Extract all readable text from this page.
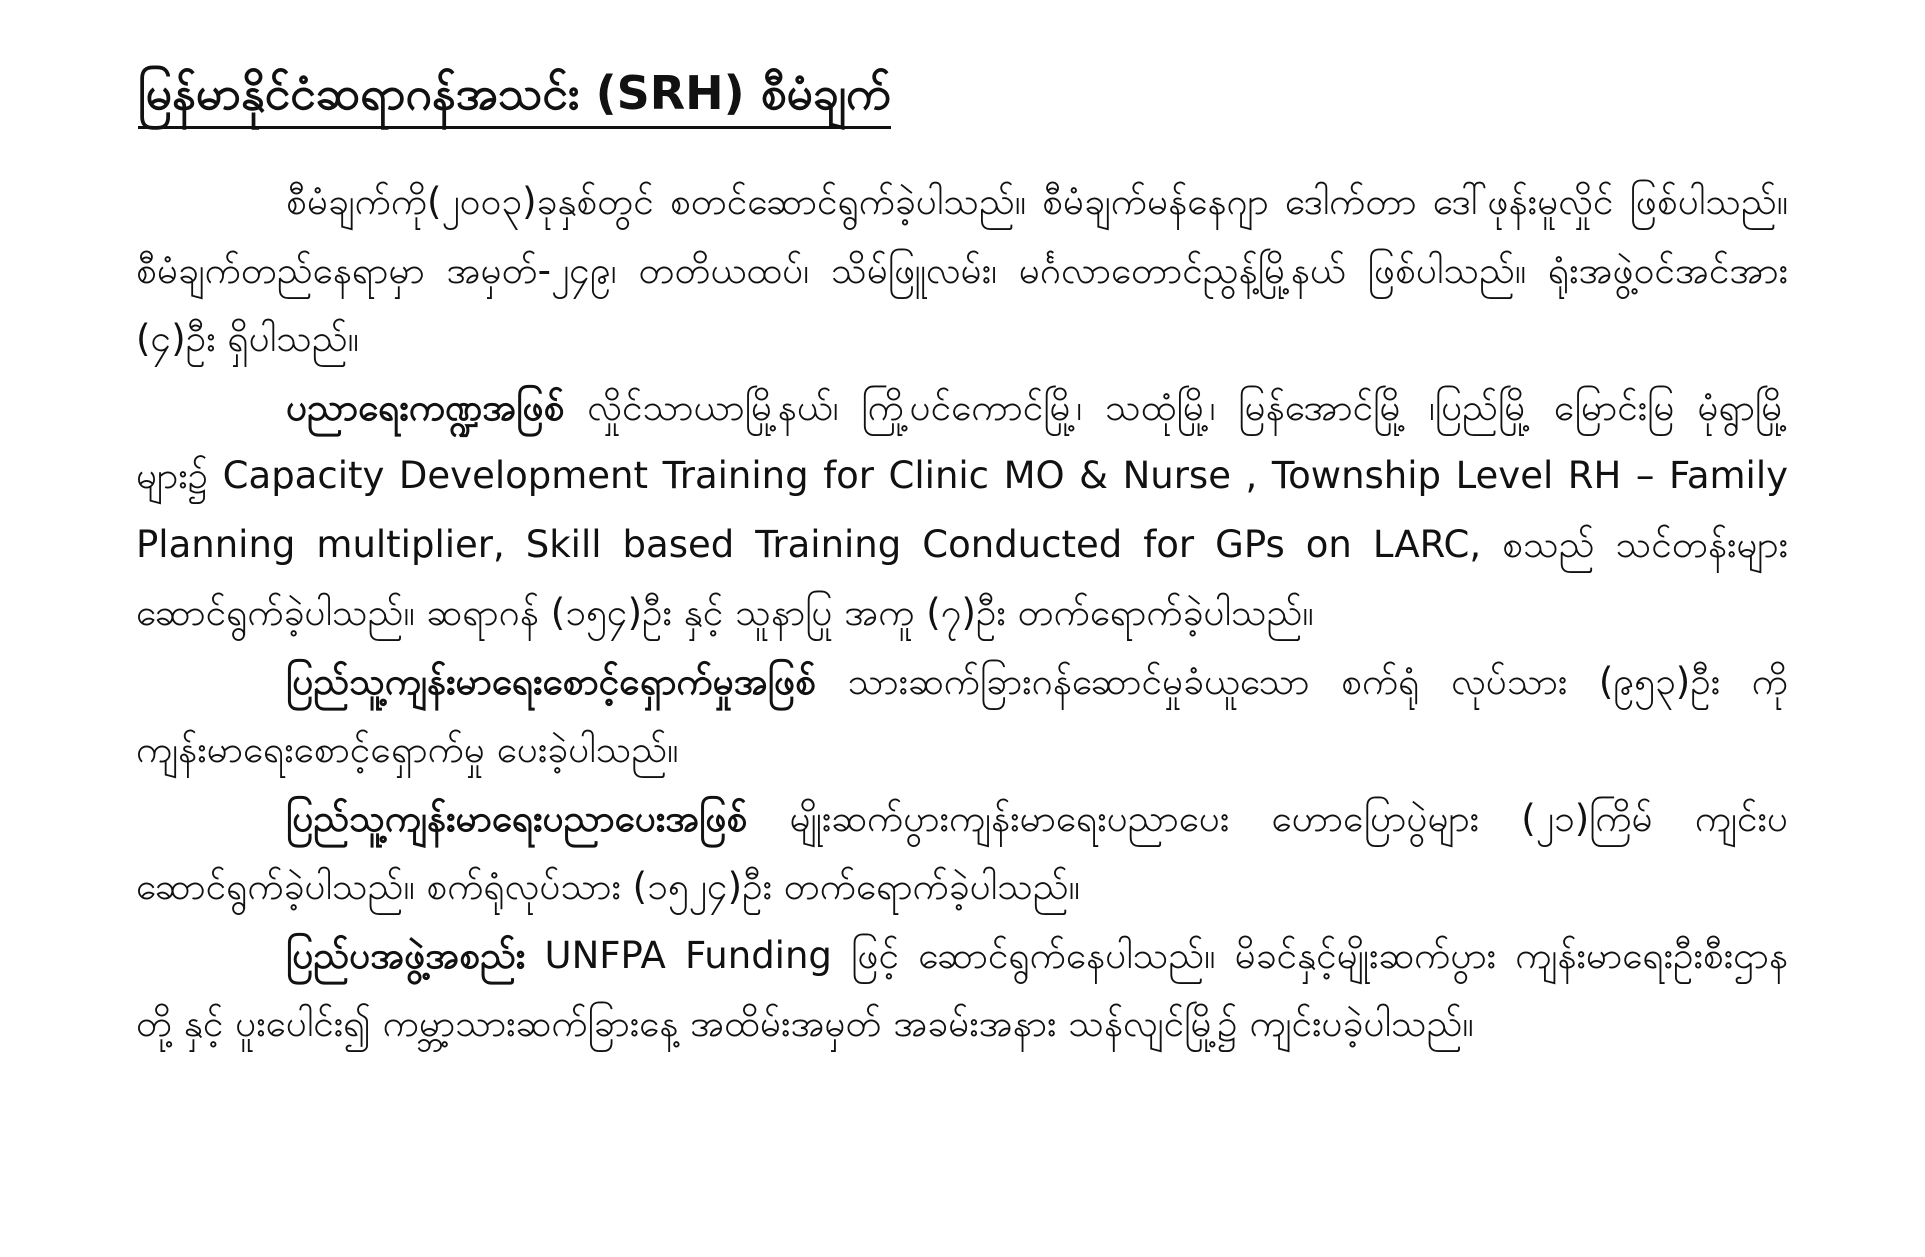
မြန်မာနိုင်ငံဆရာဂန်အသင်း (SRH) စီမံချက်

စီမံချက်ကို(၂၀၀၃)ခုနှစ်တွင် စတင်ဆောင်ရွက်ခဲ့ပါသည်။ စီမံချက်မန်နေဂျာ ဒေါက်တာ ဒေါ်ဖုန်းမူလှိုင် ဖြစ်ပါသည်။ စီမံချက်တည်နေရာမှာ အမှတ်-၂၄၉၊ တတိယထပ်၊ သိမ်ဖြူလမ်း၊ မင်္ဂလာတောင်ညွန့်မြို့နယ် ဖြစ်ပါသည်။ ရုံးအဖွဲ့ဝင်အင်အား (၄)ဦး ရှိပါသည်။

ပညာရေးကဏ္ဍအဖြစ် လှိုင်သာယာမြို့နယ်၊ ကြို့ပင်ကောင်မြို့၊ သထုံမြို့၊ မြန်အောင်မြို့ ၊ပြည်မြို့ မြောင်းမြ မုံရွာမြို့ များ၌ Capacity Development Training for Clinic MO & Nurse , Township Level RH – Family Planning multiplier, Skill based Training Conducted for GPs on LARC, စသည် သင်တန်းများ ဆောင်ရွက်ခဲ့ပါသည်။ ဆရာဂန် (၁၅၄)ဦး နှင့် သူနာပြု အကူ (၇)ဦး တက်ရောက်ခဲ့ပါသည်။

ပြည်သူ့ကျန်းမာရေးစောင့်ရှောက်မှုအဖြစ် သားဆက်ခြားဂန်ဆောင်မှုခံယူသော စက်ရုံ လုပ်သား (၉၅၃)ဦး ကို ကျန်းမာရေးစောင့်ရှောက်မှု ပေးခဲ့ပါသည်။

ပြည်သူ့ကျန်းမာရေးပညာပေးအဖြစ် မျိုးဆက်ပွားကျန်းမာရေးပညာပေး ဟောပြောပွဲများ (၂၁)ကြိမ် ကျင်းပဆောင်ရွက်ခဲ့ပါသည်။ စက်ရုံလုပ်သား (၁၅၂၄)ဦး တက်ရောက်ခဲ့ပါသည်။

ပြည်ပအဖွဲ့အစည်း UNFPA Funding ဖြင့် ဆောင်ရွက်နေပါသည်။ မိခင်နှင့်မျိုးဆက်ပွား ကျန်းမာရေးဦးစီးဌာန တို့ နှင့် ပူးပေါင်း၍ ကမ္ဘာ့သားဆက်ခြားနေ့ အထိမ်းအမှတ် အခမ်းအနား သန်လျင်မြို့၌ ကျင်းပခဲ့ပါသည်။
